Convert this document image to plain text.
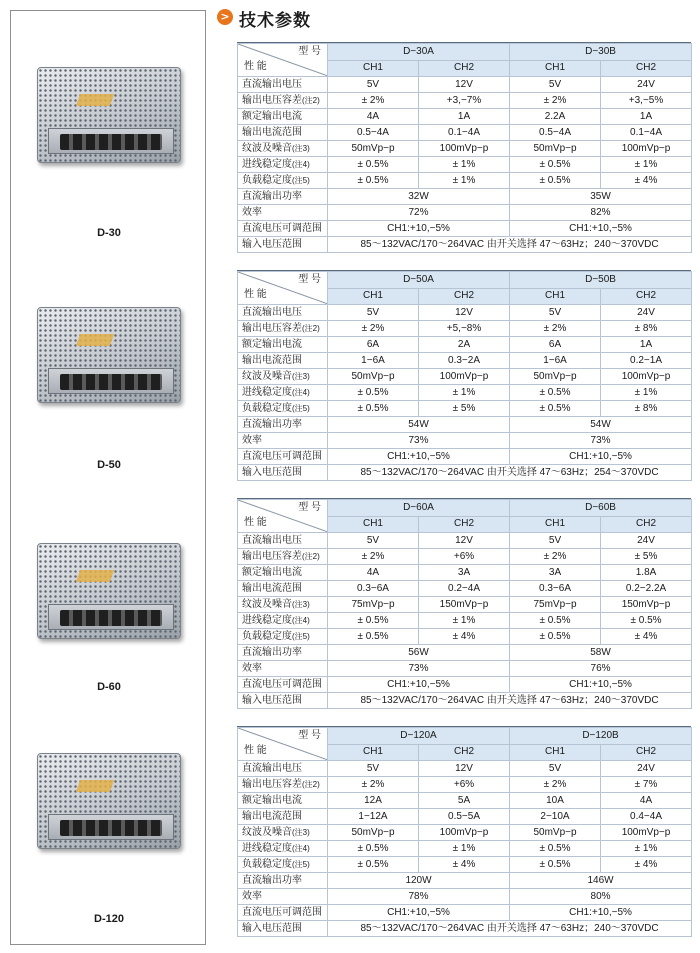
D-30
D-50
D-60
D-120
> 技术参数
型 号
性 能	D−30A		D−30B	
	CH1	CH2	CH1	CH2
直流输出电压	5V	12V	5V	24V
输出电压容差(注2)	± 2%	+3,−7%	± 2%	+3,−5%
额定输出电流	4A	1A	2.2A	1A
输出电流范围	0.5−4A	0.1−4A	0.5−4A	0.1−4A
纹波及噪音(注3)	50mVp−p	100mVp−p	50mVp−p	100mVp−p
进线稳定度(注4)	± 0.5%	± 1%	± 0.5%	± 1%
负载稳定度(注5)	± 0.5%	± 1%	± 0.5%	± 4%
直流输出功率	32W		35W	
效率	72%		82%	
直流电压可调范围	CH1:+10,−5%		CH1:+10,−5%	
输入电压范围	85～132VAC/170～264VAC 由开关选择 47～63Hz；240～370VDC			
型 号
性 能	D−50A		D−50B	
	CH1	CH2	CH1	CH2
直流输出电压	5V	12V	5V	24V
输出电压容差(注2)	± 2%	+5,−8%	± 2%	± 8%
额定输出电流	6A	2A	6A	1A
输出电流范围	1−6A	0.3−2A	1−6A	0.2−1A
纹波及噪音(注3)	50mVp−p	100mVp−p	50mVp−p	100mVp−p
进线稳定度(注4)	± 0.5%	± 1%	± 0.5%	± 1%
负载稳定度(注5)	± 0.5%	± 5%	± 0.5%	± 8%
直流输出功率	54W		54W	
效率	73%		73%	
直流电压可调范围	CH1:+10,−5%		CH1:+10,−5%	
输入电压范围	85～132VAC/170～264VAC 由开关选择 47～63Hz；254～370VDC			
型 号
性 能	D−60A		D−60B	
	CH1	CH2	CH1	CH2
直流输出电压	5V	12V	5V	24V
输出电压容差(注2)	± 2%	+6%	± 2%	± 5%
额定输出电流	4A	3A	3A	1.8A
输出电流范围	0.3−6A	0.2−4A	0.3−6A	0.2−2.2A
纹波及噪音(注3)	75mVp−p	150mVp−p	75mVp−p	150mVp−p
进线稳定度(注4)	± 0.5%	± 1%	± 0.5%	± 0.5%
负载稳定度(注5)	± 0.5%	± 4%	± 0.5%	± 4%
直流输出功率	56W		58W	
效率	73%		76%	
直流电压可调范围	CH1:+10,−5%		CH1:+10,−5%	
输入电压范围	85～132VAC/170～264VAC 由开关选择 47～63Hz；240～370VDC			
型 号
性 能	D−120A		D−120B	
	CH1	CH2	CH1	CH2
直流输出电压	5V	12V	5V	24V
输出电压容差(注2)	± 2%	+6%	± 2%	± 7%
额定输出电流	12A	5A	10A	4A
输出电流范围	1−12A	0.5−5A	2−10A	0.4−4A
纹波及噪音(注3)	50mVp−p	100mVp−p	50mVp−p	100mVp−p
进线稳定度(注4)	± 0.5%	± 1%	± 0.5%	± 1%
负载稳定度(注5)	± 0.5%	± 4%	± 0.5%	± 4%
直流输出功率	120W		146W	
效率	78%		80%	
直流电压可调范围	CH1:+10,−5%		CH1:+10,−5%	
输入电压范围	85～132VAC/170～264VAC 由开关选择 47～63Hz；240～370VDC			
